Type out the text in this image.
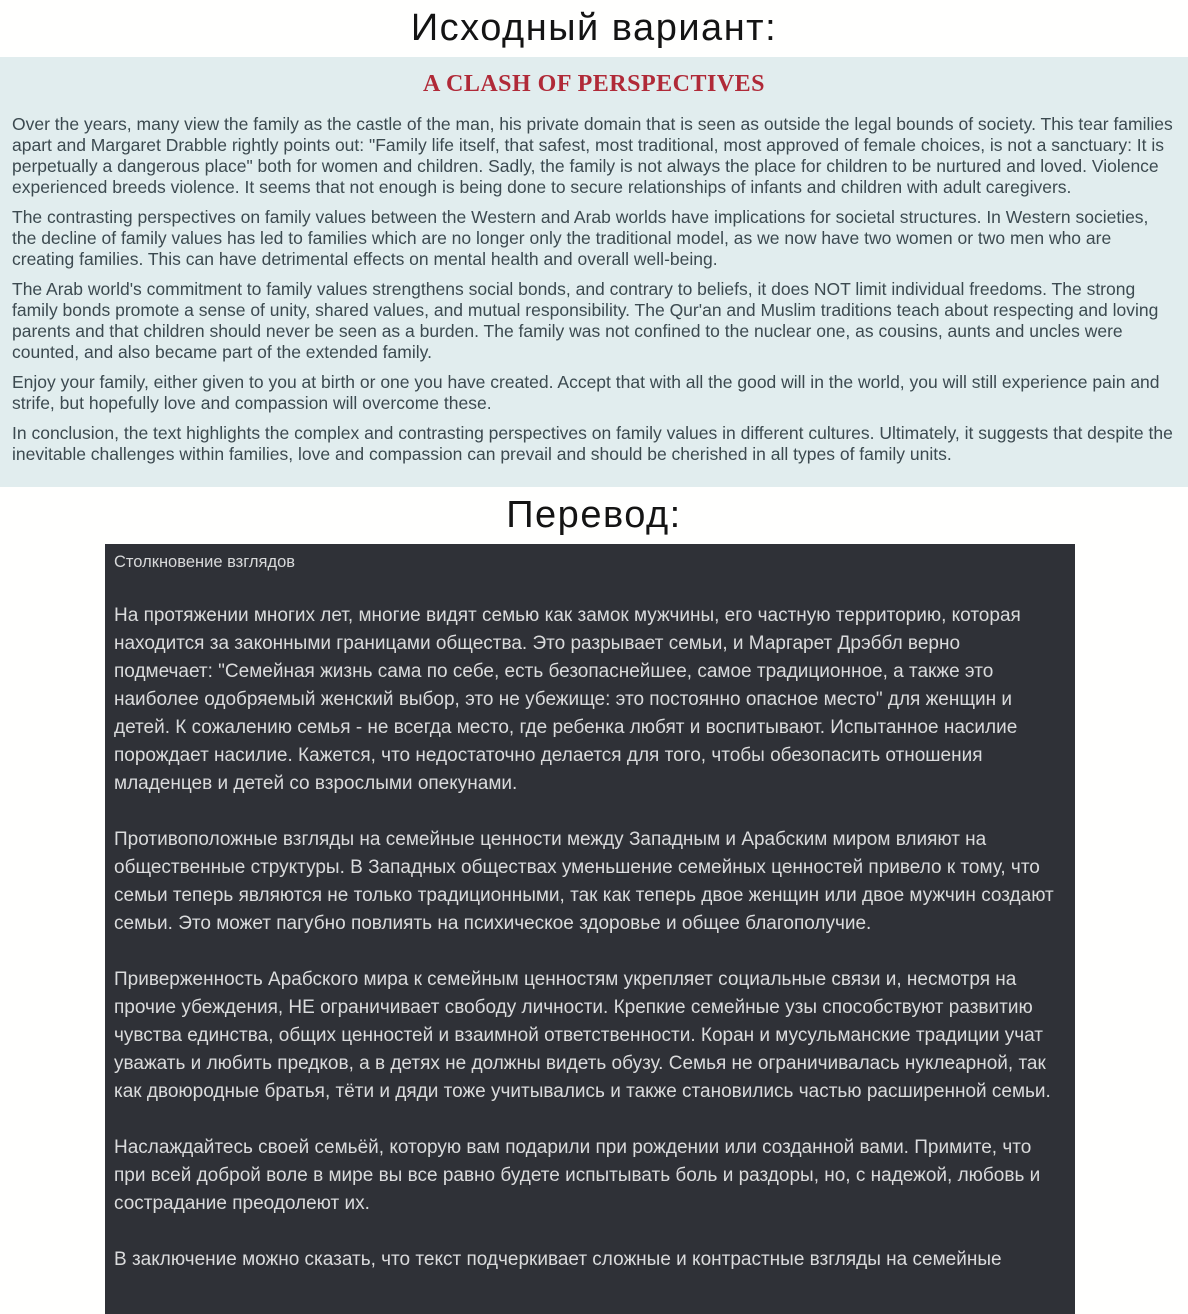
Исходный вариант:
A CLASH OF PERSPECTIVES

Over the years, many view the family as the castle of the man, his private domain that is seen as outside the legal bounds of society. This tear families apart and Margaret Drabble rightly points out: "Family life itself, that safest, most traditional, most approved of female choices, is not a sanctuary: It is perpetually a dangerous place" both for women and children. Sadly, the family is not always the place for children to be nurtured and loved. Violence experienced breeds violence. It seems that not enough is being done to secure relationships of infants and children with adult caregivers.

The contrasting perspectives on family values between the Western and Arab worlds have implications for societal structures. In Western societies, the decline of family values has led to families which are no longer only the traditional model, as we now have two women or two men who are creating families. This can have detrimental effects on mental health and overall well-being.

The Arab world's commitment to family values strengthens social bonds, and contrary to beliefs, it does NOT limit individual freedoms. The strong family bonds promote a sense of unity, shared values, and mutual responsibility. The Qur'an and Muslim traditions teach about respecting and loving parents and that children should never be seen as a burden. The family was not confined to the nuclear one, as cousins, aunts and uncles were counted, and also became part of the extended family.

Enjoy your family, either given to you at birth or one you have created. Accept that with all the good will in the world, you will still experience pain and strife, but hopefully love and compassion will overcome these.

In conclusion, the text highlights the complex and contrasting perspectives on family values in different cultures. Ultimately, it suggests that despite the inevitable challenges within families, love and compassion can prevail and should be cherished in all types of family units.

Перевод:

Столкновение взглядов

На протяжении многих лет, многие видят семью как замок мужчины, его частную территорию, которая находится за законными границами общества. Это разрывает семьи, и Маргарет Дрэббл верно подмечает: "Семейная жизнь сама по себе, есть безопаснейшее, самое традиционное, а также это наиболее одобряемый женский выбор, это не убежище: это постоянно опасное место" для женщин и детей. К сожалению семья - не всегда место, где ребенка любят и воспитывают. Испытанное насилие порождает насилие. Кажется, что недостаточно делается для того, чтобы обезопасить отношения младенцев и детей со взрослыми опекунами.

Противоположные взгляды на семейные ценности между Западным и Арабским миром влияют на общественные структуры. В Западных обществах уменьшение семейных ценностей привело к тому, что семьи теперь являются не только традиционными, так как теперь двое женщин или двое мужчин создают семьи. Это может пагубно повлиять на психическое здоровье и общее благополучие.

Приверженность Арабского мира к семейным ценностям укрепляет социальные связи и, несмотря на прочие убеждения, НЕ ограничивает свободу личности. Крепкие семейные узы способствуют развитию чувства единства, общих ценностей и взаимной ответственности. Коран и мусульманские традиции учат уважать и любить предков, а в детях не должны видеть обузу. Семья не ограничивалась нуклеарной, так как двоюродные братья, тёти и дяди тоже учитывались и также становились частью расширенной семьи.

Наслаждайтесь своей семьёй, которую вам подарили при рождении или созданной вами. Примите, что при всей доброй воле в мире вы все равно будете испытывать боль и раздоры, но, с надежой, любовь и сострадание преодолеют их.

В заключение можно сказать, что текст подчеркивает сложные и контрастные взгляды на семейные
